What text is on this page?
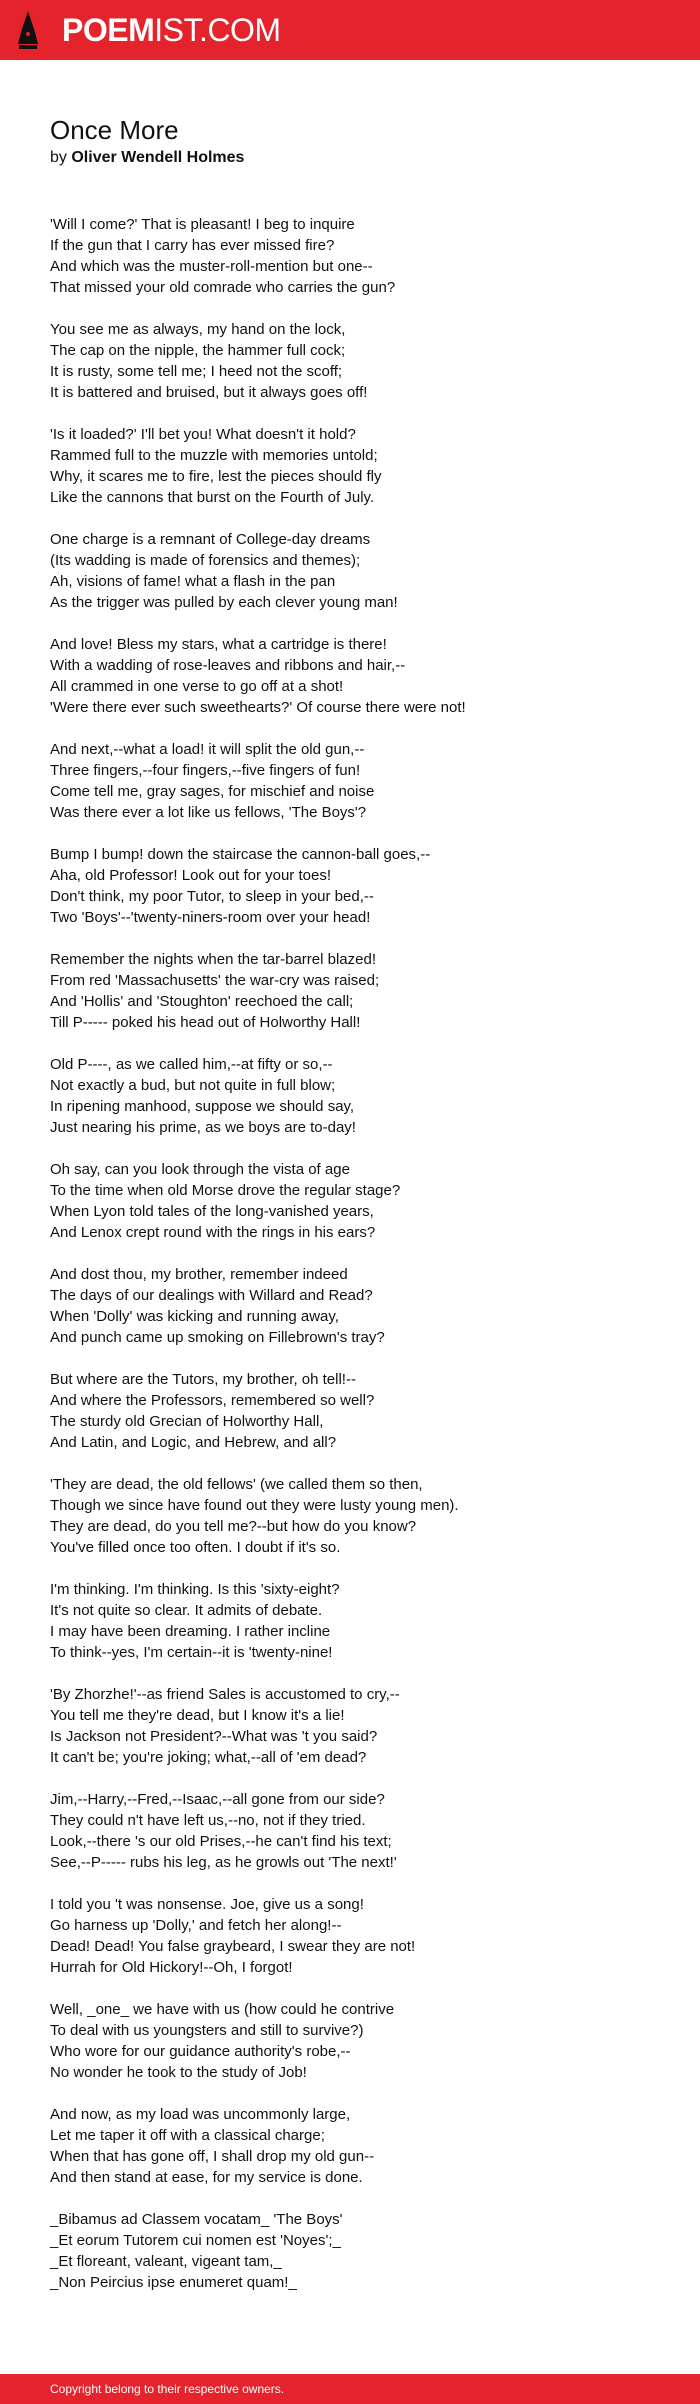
POEMIST.COM
Once More
by Oliver Wendell Holmes
'Will I come?' That is pleasant! I beg to inquire
If the gun that I carry has ever missed fire?
And which was the muster-roll-mention but one--
That missed your old comrade who carries the gun?
You see me as always, my hand on the lock,
The cap on the nipple, the hammer full cock;
It is rusty, some tell me; I heed not the scoff;
It is battered and bruised, but it always goes off!
'Is it loaded?' I'll bet you! What doesn't it hold?
Rammed full to the muzzle with memories untold;
Why, it scares me to fire, lest the pieces should fly
Like the cannons that burst on the Fourth of July.
One charge is a remnant of College-day dreams
(Its wadding is made of forensics and themes);
Ah, visions of fame! what a flash in the pan
As the trigger was pulled by each clever young man!
And love! Bless my stars, what a cartridge is there!
With a wadding of rose-leaves and ribbons and hair,--
All crammed in one verse to go off at a shot!
'Were there ever such sweethearts?' Of course there were not!
And next,--what a load! it will split the old gun,--
Three fingers,--four fingers,--five fingers of fun!
Come tell me, gray sages, for mischief and noise
Was there ever a lot like us fellows, 'The Boys'?
Bump I bump! down the staircase the cannon-ball goes,--
Aha, old Professor! Look out for your toes!
Don't think, my poor Tutor, to sleep in your bed,--
Two 'Boys'--'twenty-niners-room over your head!
Remember the nights when the tar-barrel blazed!
From red 'Massachusetts' the war-cry was raised;
And 'Hollis' and 'Stoughton' reechoed the call;
Till P----- poked his head out of Holworthy Hall!
Old P----, as we called him,--at fifty or so,--
Not exactly a bud, but not quite in full blow;
In ripening manhood, suppose we should say,
Just nearing his prime, as we boys are to-day!
Oh say, can you look through the vista of age
To the time when old Morse drove the regular stage?
When Lyon told tales of the long-vanished years,
And Lenox crept round with the rings in his ears?
And dost thou, my brother, remember indeed
The days of our dealings with Willard and Read?
When 'Dolly' was kicking and running away,
And punch came up smoking on Fillebrown's tray?
But where are the Tutors, my brother, oh tell!--
And where the Professors, remembered so well?
The sturdy old Grecian of Holworthy Hall,
And Latin, and Logic, and Hebrew, and all?
'They are dead, the old fellows' (we called them so then,
Though we since have found out they were lusty young men).
They are dead, do you tell me?--but how do you know?
You've filled once too often. I doubt if it's so.
I'm thinking. I'm thinking. Is this 'sixty-eight?
It's not quite so clear. It admits of debate.
I may have been dreaming. I rather incline
To think--yes, I'm certain--it is 'twenty-nine!
'By Zhorzhe!'--as friend Sales is accustomed to cry,--
You tell me they're dead, but I know it's a lie!
Is Jackson not President?--What was 't you said?
It can't be; you're joking; what,--all of 'em dead?
Jim,--Harry,--Fred,--Isaac,--all gone from our side?
They could n't have left us,--no, not if they tried.
Look,--there 's our old Prises,--he can't find his text;
See,--P----- rubs his leg, as he growls out 'The next!'
I told you 't was nonsense. Joe, give us a song!
Go harness up 'Dolly,' and fetch her along!--
Dead! Dead! You false graybeard, I swear they are not!
Hurrah for Old Hickory!--Oh, I forgot!
Well, _one_ we have with us (how could he contrive
To deal with us youngsters and still to survive?)
Who wore for our guidance authority's robe,--
No wonder he took to the study of Job!
And now, as my load was uncommonly large,
Let me taper it off with a classical charge;
When that has gone off, I shall drop my old gun--
And then stand at ease, for my service is done.
_Bibamus ad Classem vocatam_ 'The Boys'
_Et eorum Tutorem cui nomen est 'Noyes';_
_Et floreant, valeant, vigeant tam,_
_Non Peircius ipse enumeret quam!_
Copyright belong to their respective owners.
